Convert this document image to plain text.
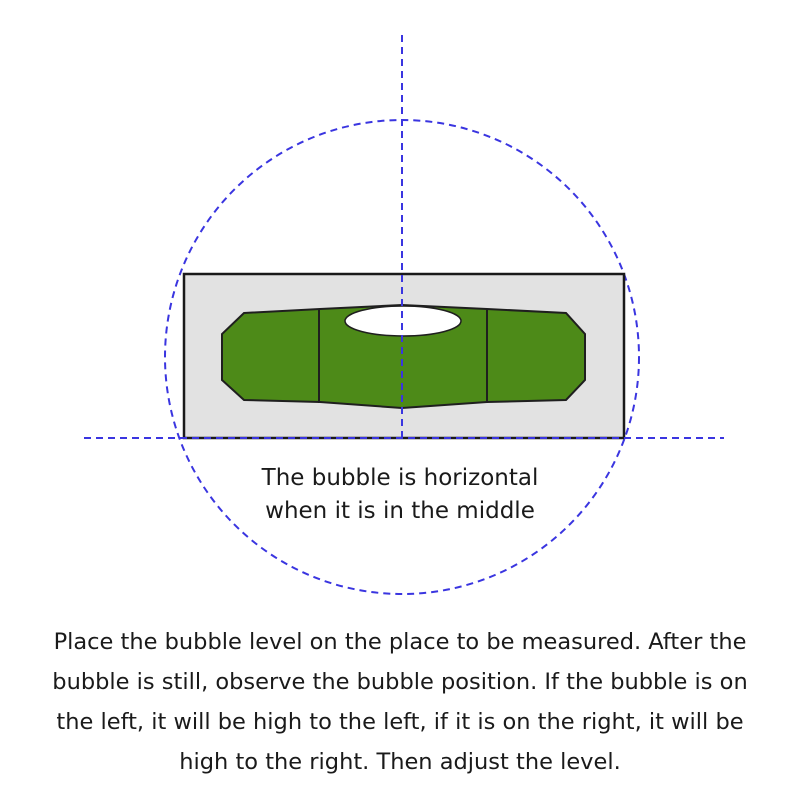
The bubble is horizontal
when it is in the middle

Place the bubble level on the place to be measured. After the
bubble is still, observe the bubble position. If the bubble is on
the left, it will be high to the left, if it is on the right, it will be
high to the right. Then adjust the level.
